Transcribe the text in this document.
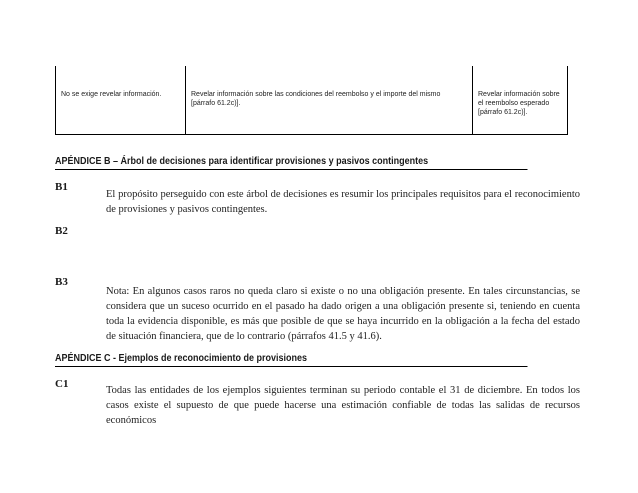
No se exige revelar información.	Revelar información sobre las condiciones del reembolso y el importe del mismo
[párrafo 61.2c)].
Revelar información sobre
el reembolso esperado
[párrafo 61.2c)].
APÉNDICE B – Árbol de decisiones para identificar provisiones y pasivos contingentes
B1
El propósito perseguido con este árbol de decisiones es resumir los principales requisitos para el reconocimiento de provisiones y pasivos contingentes.
B2
B3
Nota: En algunos casos raros no queda claro si existe o no una obligación presente. En tales circunstancias, se considera que un suceso ocurrido en el pasado ha dado origen a una obligación presente si, teniendo en cuenta toda la evidencia disponible, es más que posible de que se haya incurrido en la obligación a la fecha del estado de situación financiera, que de lo contrario (párrafos 41.5 y 41.6).
APÉNDICE C - Ejemplos de reconocimiento de provisiones
C1
Todas las entidades de los ejemplos siguientes terminan su periodo contable el 31 de diciembre. En todos los casos existe el supuesto de que puede hacerse una estimación confiable de todas las salidas de recursos económicos
